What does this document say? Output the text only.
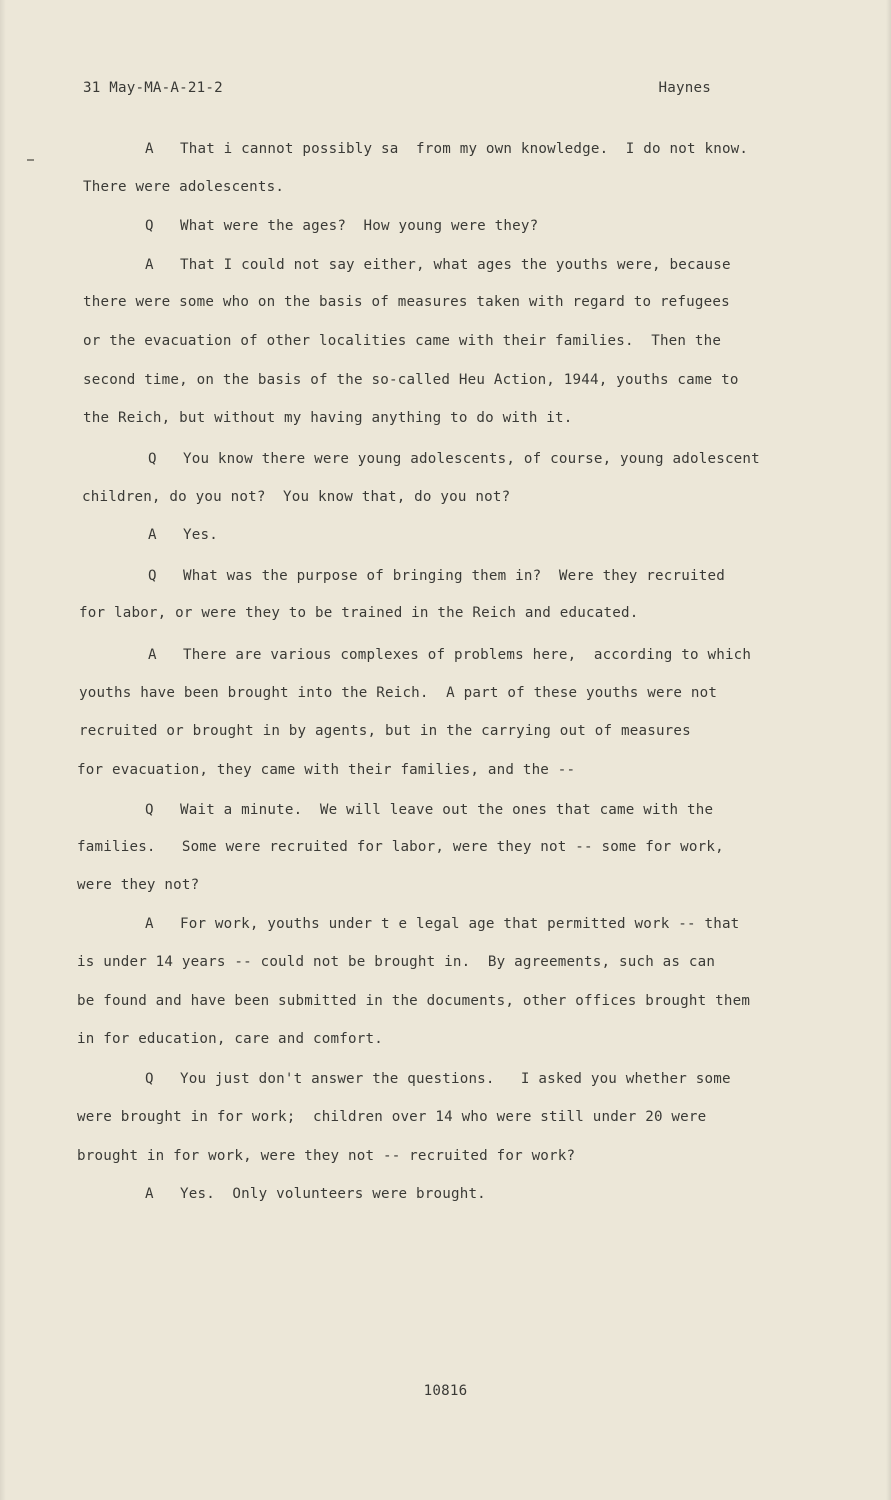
31 May-MA-A-21-2	Haynes
A   That i cannot possibly sa  from my own knowledge.  I do not know.
There were adolescents.
Q   What were the ages?  How young were they?
A   That I could not say either, what ages the youths were, because
there were some who on the basis of measures taken with regard to refugees
or the evacuation of other localities came with their families.  Then the
second time, on the basis of the so-called Heu Action, 1944, youths came to
the Reich, but without my having anything to do with it.
Q   You know there were young adolescents, of course, young adolescent
children, do you not?  You know that, do you not?
A   Yes.
Q   What was the purpose of bringing them in?  Were they recruited
for labor, or were they to be trained in the Reich and educated.
A   There are various complexes of problems here,  according to which
youths have been brought into the Reich.  A part of these youths were not
recruited or brought in by agents, but in the carrying out of measures
for evacuation, they came with their families, and the --
Q   Wait a minute.  We will leave out the ones that came with the
families.   Some were recruited for labor, were they not -- some for work,
were they not?
A   For work, youths under t e legal age that permitted work -- that
is under 14 years -- could not be brought in.  By agreements, such as can
be found and have been submitted in the documents, other offices brought them
in for education, care and comfort.
Q   You just don't answer the questions.   I asked you whether some
were brought in for work;  children over 14 who were still under 20 were
brought in for work, were they not -- recruited for work?
A   Yes.  Only volunteers were brought.
10816
